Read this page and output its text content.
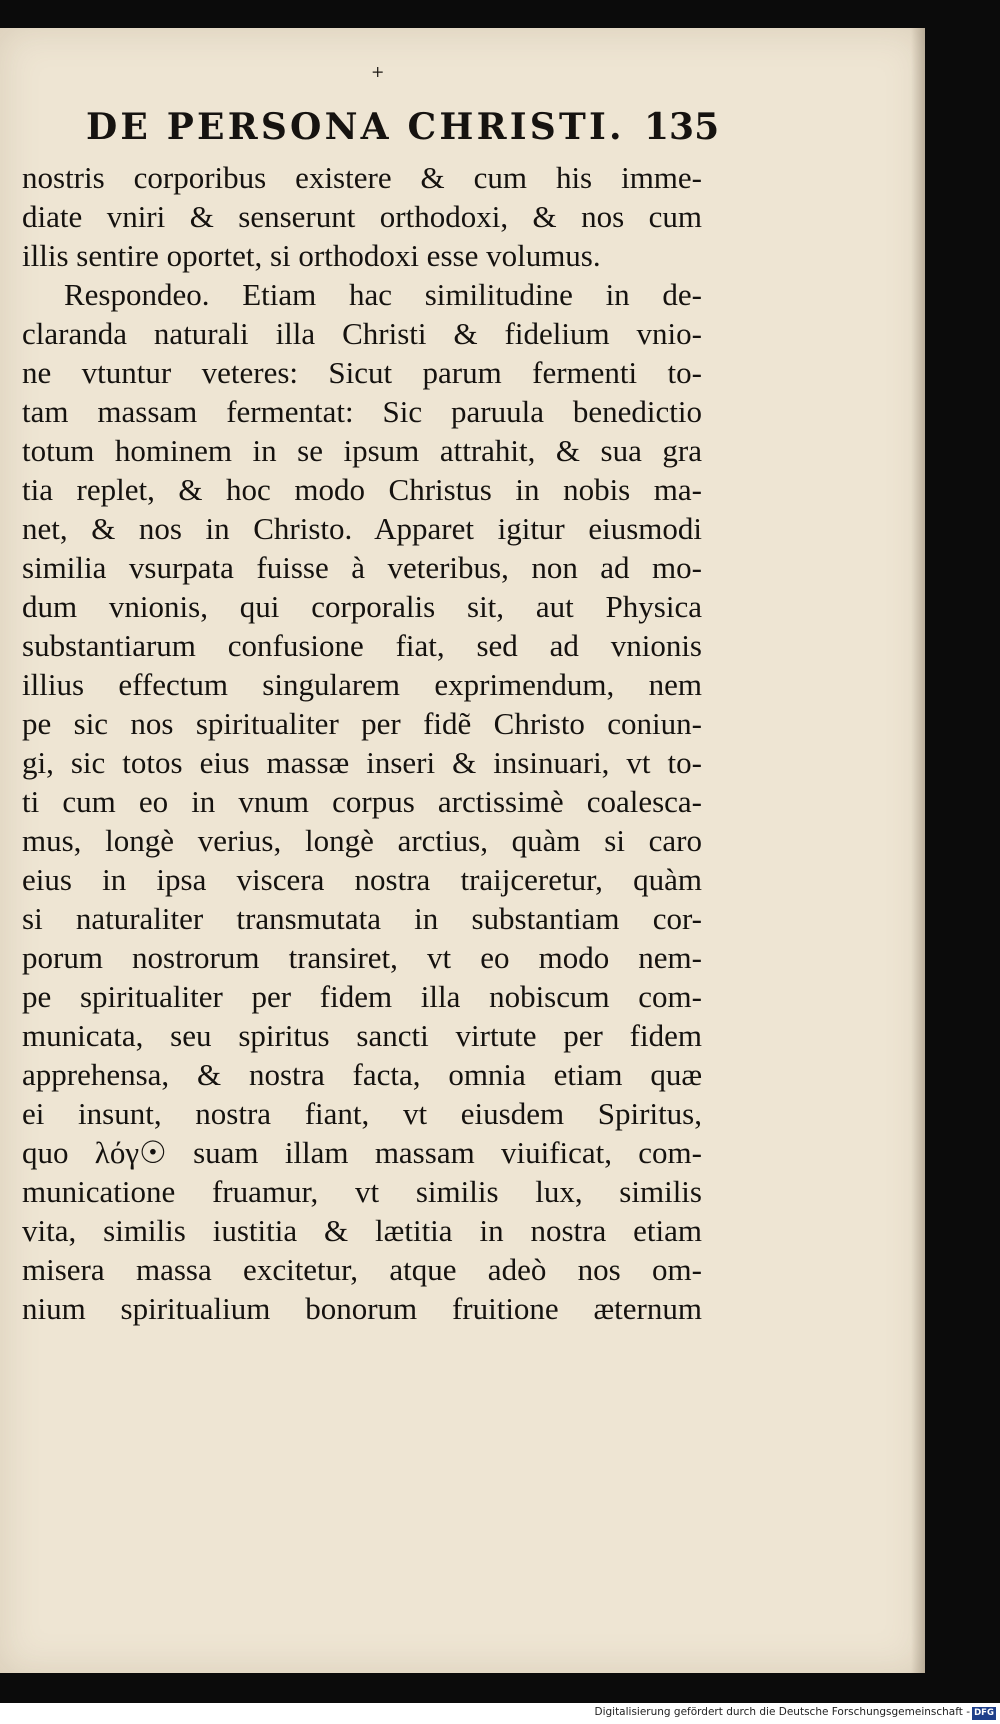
+
DE PERSONA CHRISTI. 135
nostris corporibus existere & cum his imme-
diate vniri & senserunt orthodoxi, & nos cum
illis sentire oportet, si orthodoxi esse volumus.
Respondeo. Etiam hac similitudine in de-
claranda naturali illa Christi & fidelium vnio-
ne vtuntur veteres: Sicut parum fermenti to-
tam massam fermentat: Sic paruula benedictio
totum hominem in se ipsum attrahit, & sua gra
tia replet, & hoc modo Christus in nobis ma-
net, & nos in Christo. Apparet igitur eiusmodi
similia vsurpata fuisse à veteribus, non ad mo-
dum vnionis, qui corporalis sit, aut Physica
substantiarum confusione fiat, sed ad vnionis
illius effectum singularem exprimendum, nem
pe sic nos spiritualiter per fidẽ Christo coniun-
gi, sic totos eius massæ inseri & insinuari, vt to-
ti cum eo in vnum corpus arctissimè coalesca-
mus, longè verius, longè arctius, quàm si caro
eius in ipsa viscera nostra traijceretur, quàm
si naturaliter transmutata in substantiam cor-
porum nostrorum transiret, vt eo modo nem-
pe spiritualiter per fidem illa nobiscum com-
municata, seu spiritus sancti virtute per fidem
apprehensa, & nostra facta, omnia etiam quæ
ei insunt, nostra fiant, vt eiusdem Spiritus,
quo λόγ☉ suam illam massam viuificat, com-
municatione fruamur, vt similis lux, similis
vita, similis iustitia & lætitia in nostra etiam
misera massa excitetur, atque adeò nos om-
nium spiritualium bonorum fruitione æternum
Digitalisierung gefördert durch die Deutsche Forschungsgemeinschaft - DFG
